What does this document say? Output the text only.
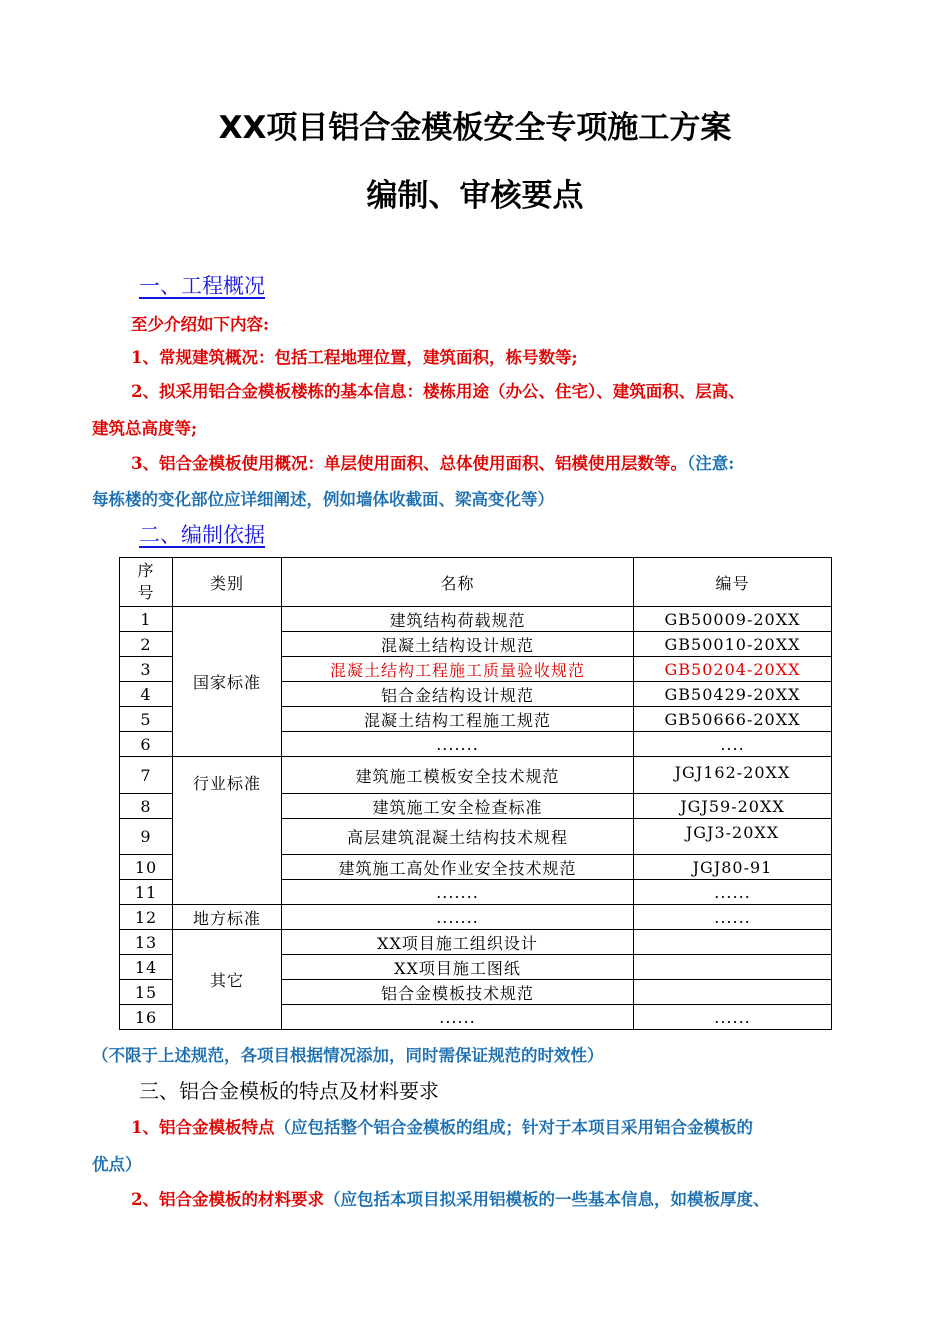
XX项目铝合金模板安全专项施工方案
编制、审核要点
一、工程概况
至少介绍如下内容:
1、常规建筑概况：包括工程地理位置，建筑面积，栋号数等;
2、拟采用铝合金模板楼栋的基本信息：楼栋用途（办公、住宅）、建筑面积、层高、
建筑总高度等;
3、铝合金模板使用概况：单层使用面积、总体使用面积、铝模使用层数等。（注意:
每栋楼的变化部位应详细阐述，例如墙体收截面、梁高变化等）
二、编制依据
序
号	类别	名称	编号
1	国家标准	建筑结构荷载规范	GB50009-20XX
2		混凝土结构设计规范	GB50010-20XX
3		混凝土结构工程施工质量验收规范	GB50204-20XX
4		铝合金结构设计规范	GB50429-20XX
5		混凝土结构工程施工规范	GB50666-20XX
6		.......	....
7	行业标准	建筑施工模板安全技术规范	JGJ162-20XX
8		建筑施工安全检查标准	JGJ59-20XX
9		高层建筑混凝土结构技术规程	JGJ3-20XX
10		建筑施工高处作业安全技术规范	JGJ80-91
11		.......	......
12	地方标准	.......	......
13	其它	XX项目施工组织设计	
14		XX项目施工图纸	
15		铝合金模板技术规范	
16		......	......
（不限于上述规范，各项目根据情况添加，同时需保证规范的时效性）
三、铝合金模板的特点及材料要求
1、铝合金模板特点（应包括整个铝合金模板的组成；针对于本项目采用铝合金模板的
优点）
2、铝合金模板的材料要求（应包括本项目拟采用铝模板的一些基本信息，如模板厚度、
